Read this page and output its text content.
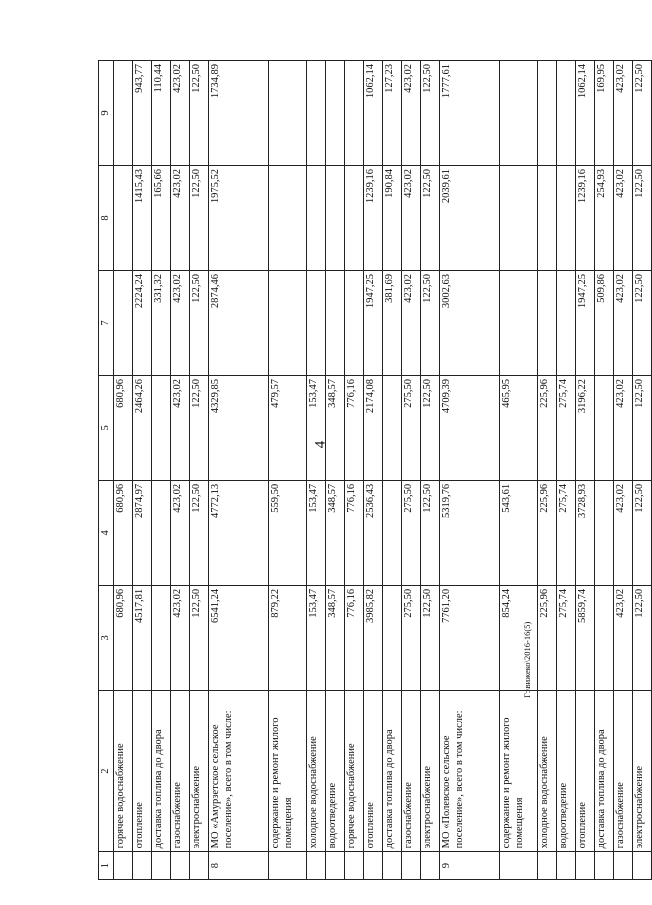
4
Г:\вижеко\2016-16(5)
1	2	3	4	5	7	8	9
	горячее водоснабжение	680,96	680,96	680,96			
	отопление	4517,81	2874,97	2464,26	2224,24	1415,43	943,77
	доставка топлива до двора				331,32	165,66	110,44
	газоснабжение	423,02	423,02	423,02	423,02	423,02	423,02
	электроснабжение	122,50	122,50	122,50	122,50	122,50	122,50
8	МО «Амурзетское сельское поселение», всего в том числе:	6541,24	4772,13	4329,85	2874,46	1975,52	1734,89
	содержание и ремонт жилого помещения	879,22	559,50	479,57			
	холодное водоснабжение	153,47	153,47	153,47			
	водоотведение	348,57	348,57	348,57			
	горячее водоснабжение	776,16	776,16	776,16			
	отопление	3985,82	2536,43	2174,08	1947,25	1239,16	1062,14
	доставка топлива до двора				381,69	190,84	127,23
	газоснабжение	275,50	275,50	275,50	423,02	423,02	423,02
	электроснабжение	122,50	122,50	122,50	122,50	122,50	122,50
9	МО «Полевское сельское поселение», всего в том числе:	7761,20	5319,76	4709,39	3002,63	2039,61	1777,61
	содержание и ремонт жилого помещения	854,24	543,61	465,95			
	холодное водоснабжение	225,96	225,96	225,96			
	водоотведение	275,74	275,74	275,74			
	отопление	5859,74	3728,93	3196,22	1947,25	1239,16	1062,14
	доставка топлива до двора				509,86	254,93	169,95
	газоснабжение	423,02	423,02	423,02	423,02	423,02	423,02
	электроснабжение	122,50	122,50	122,50	122,50	122,50	122,50
